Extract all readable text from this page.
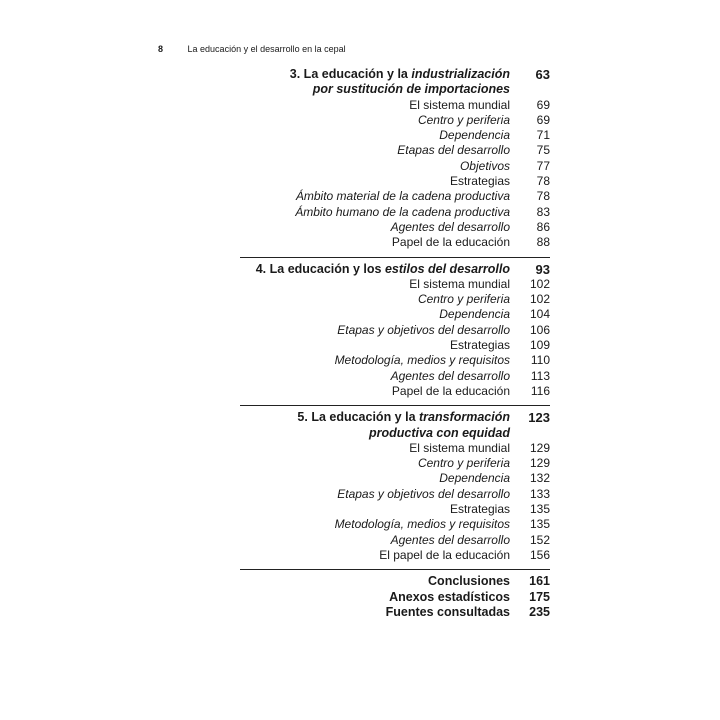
8	La educación y el desarrollo en la cepal
3. La educación y la industrialización	63
por sustitución de importaciones
El sistema mundial	69
Centro y periferia	69
Dependencia	71
Etapas del desarrollo	75
Objetivos	77
Estrategias	78
Ámbito material de la cadena productiva	78
Ámbito humano de la cadena productiva	83
Agentes del desarrollo	86
Papel de la educación	88
4. La educación y los estilos del desarrollo	93
El sistema mundial	102
Centro y periferia	102
Dependencia	104
Etapas y objetivos del desarrollo	106
Estrategias	109
Metodología, medios y requisitos	110
Agentes del desarrollo	113
Papel de la educación	116
5. La educación y la transformación	123
productiva con equidad
El sistema mundial	129
Centro y periferia	129
Dependencia	132
Etapas y objetivos del desarrollo	133
Estrategias	135
Metodología, medios y requisitos	135
Agentes del desarrollo	152
El papel de la educación	156
Conclusiones	161
Anexos estadísticos	175
Fuentes consultadas	235
